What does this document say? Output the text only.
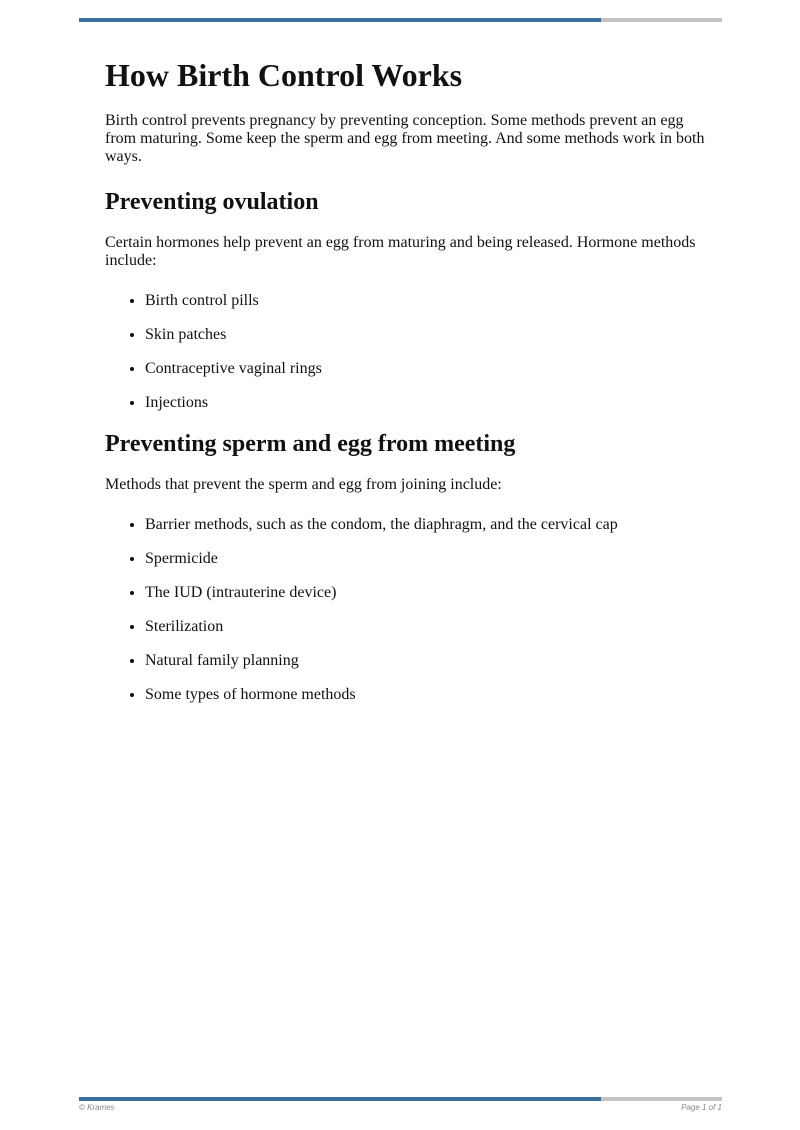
How Birth Control Works

Birth control prevents pregnancy by preventing conception. Some methods prevent an egg from maturing. Some keep the sperm and egg from meeting. And some methods work in both ways.

Preventing ovulation

Certain hormones help prevent an egg from maturing and being released. Hormone methods include:

• Birth control pills
• Skin patches
• Contraceptive vaginal rings
• Injections
Preventing sperm and egg from meeting

Methods that prevent the sperm and egg from joining include:

• Barrier methods, such as the condom, the diaphragm, and the cervical cap
• Spermicide
• The IUD (intrauterine device)
• Sterilization
• Natural family planning
• Some types of hormone methods
© Krames	Page 1 of 1
